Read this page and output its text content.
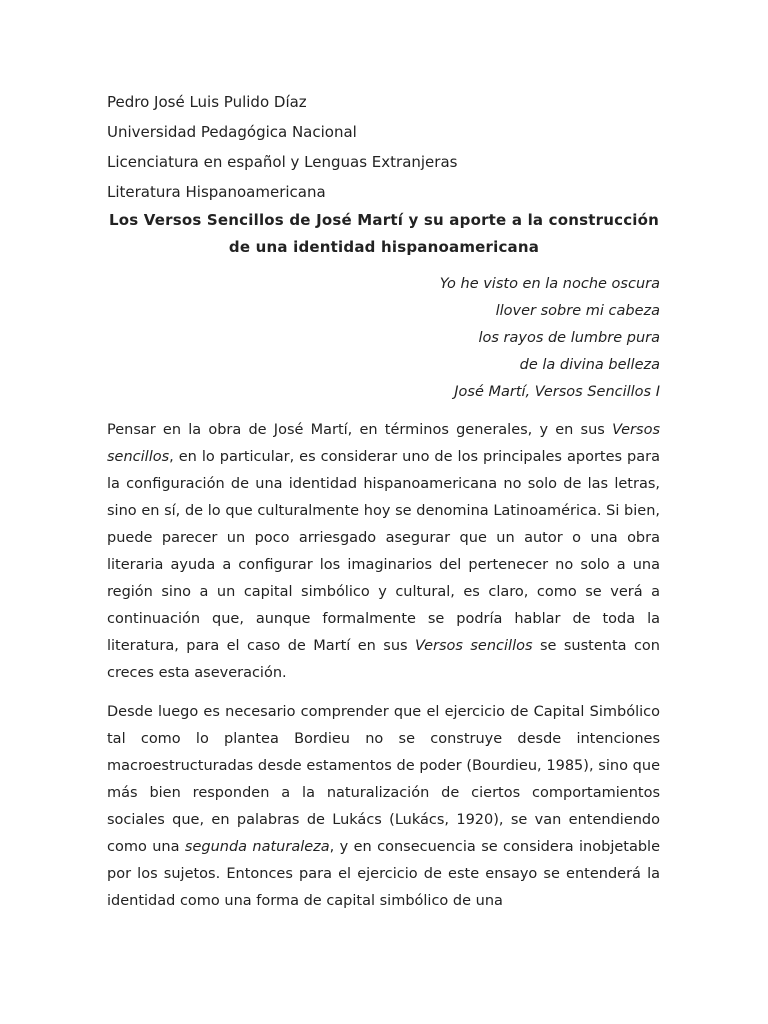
Pedro José Luis Pulido Díaz
Universidad Pedagógica Nacional
Licenciatura en español y Lenguas Extranjeras
Literatura Hispanoamericana
Los Versos Sencillos de José Martí y su aporte a la construcción
de una identidad hispanoamericana
Yo he visto en la noche oscura
llover sobre mi cabeza
los rayos de lumbre pura
de la divina belleza
José Martí, Versos Sencillos I

Pensar en la obra de José Martí, en términos generales, y en sus Versos sencillos, en lo particular, es considerar uno de los principales aportes para la configuración de una identidad hispanoamericana no solo de las letras, sino en sí, de lo que culturalmente hoy se denomina Latinoamérica. Si bien, puede parecer un poco arriesgado asegurar que un autor o una obra literaria ayuda a configurar los imaginarios del pertenecer no solo a una región sino a un capital simbólico y cultural, es claro, como se verá a continuación que, aunque formalmente se podría hablar de toda la literatura, para el caso de Martí en sus Versos sencillos se sustenta con creces esta aseveración.

Desde luego es necesario comprender que el ejercicio de Capital Simbólico tal como lo plantea Bordieu no se construye desde intenciones macroestructuradas desde estamentos de poder (Bourdieu, 1985), sino que más bien responden a la naturalización de ciertos comportamientos sociales que, en palabras de Lukács (Lukács, 1920), se van entendiendo como una segunda naturaleza, y en consecuencia se considera inobjetable por los sujetos. Entonces para el ejercicio de este ensayo se entenderá la identidad como una forma de capital simbólico de una
